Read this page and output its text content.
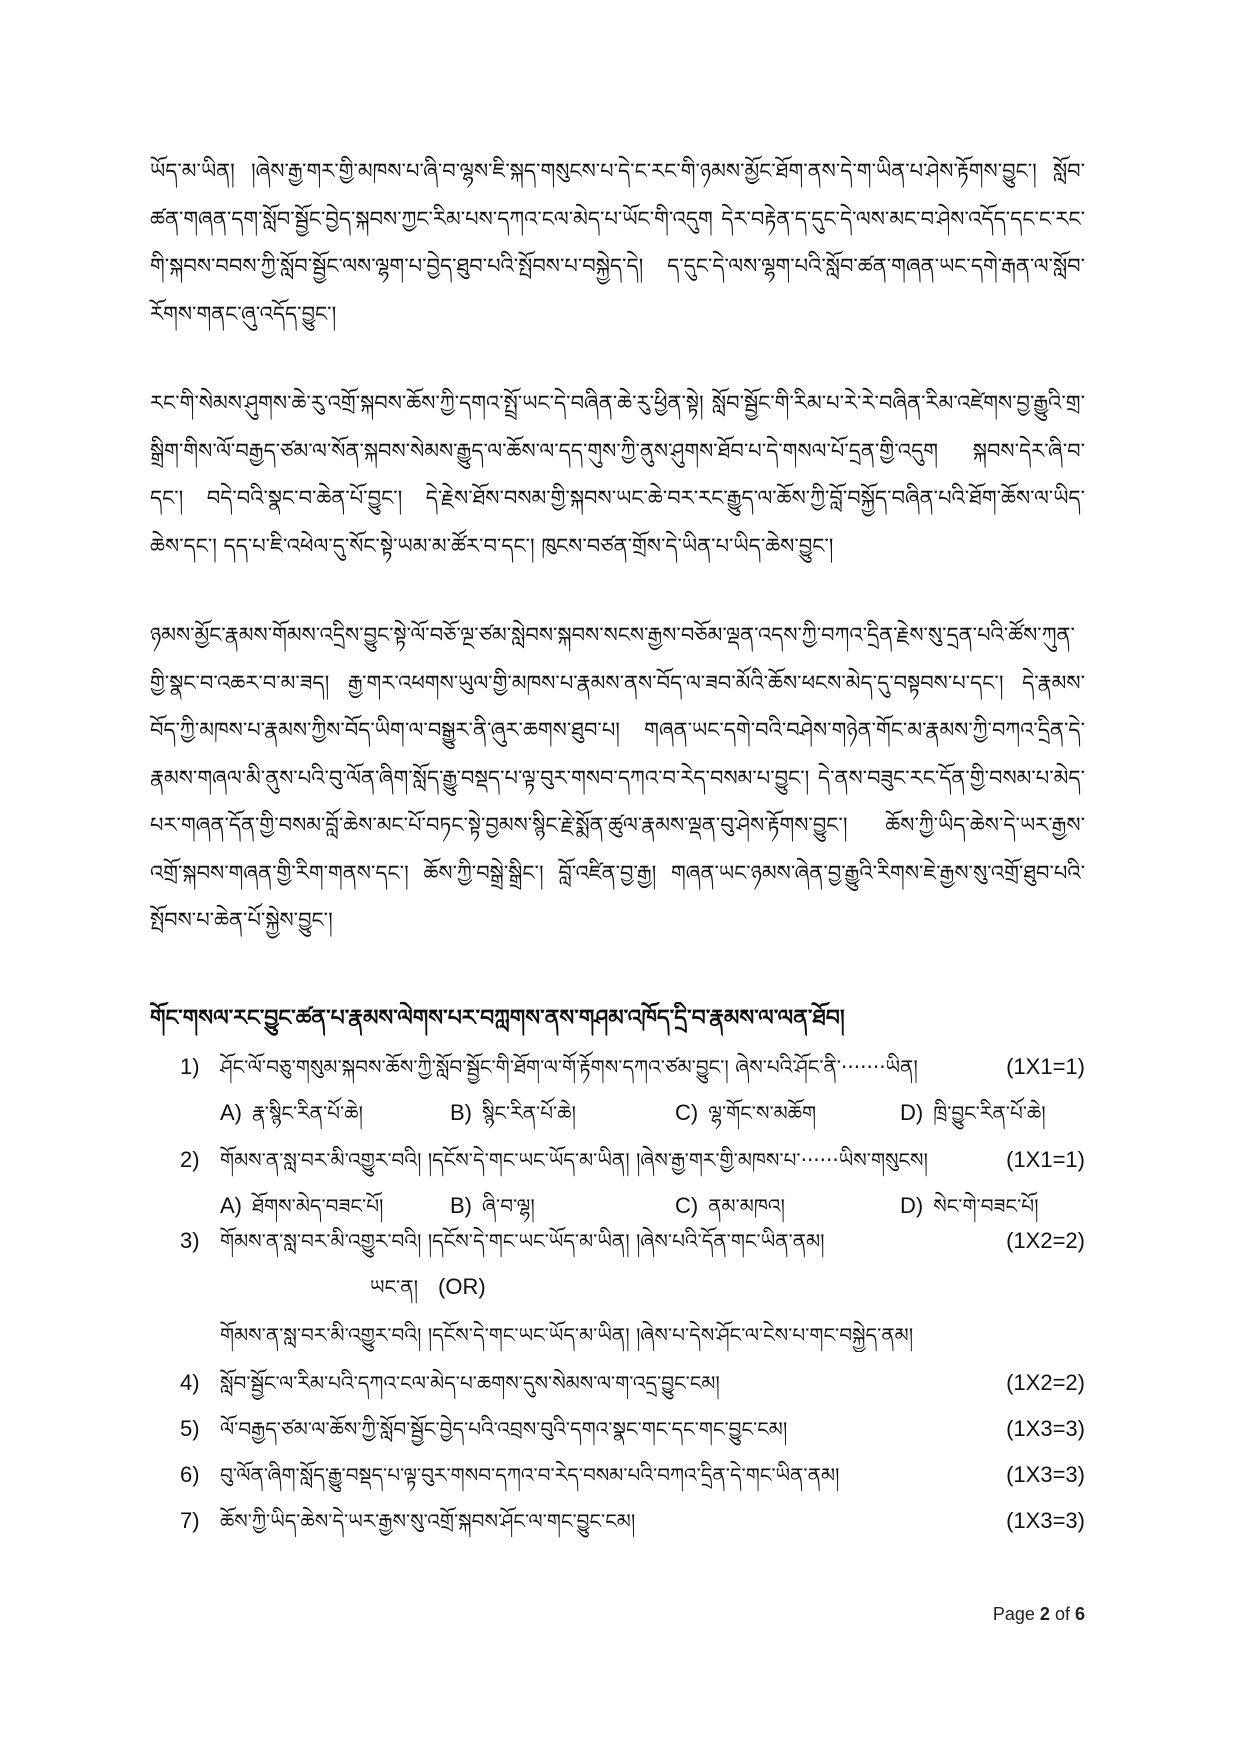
ཡོད་མ་ཡིན། །ཞེས་རྒྱ་གར་གྱི་མཁས་པ་ཞི་བ་ལྷས་ཇི་སྐད་གསུངས་པ་དེ་ང་རང་གི་ཉམས་མྱོང་ཐོག་ནས་དེ་ག་ཡིན་པ་ཤེས་རྟོགས་བྱུང་། སློབ་ཚན་གཞན་དག་སློབ་སྦྱོང་བྱེད་སྐབས་ཀྱང་རིམ་པས་དཀའ་ངལ་མེད་པ་ཡོང་གི་འདུག དེར་བརྟེན་ད་དུང་དེ་ལས་མང་བ་ཤེས་འདོད་དང་ང་རང་གི་སྐབས་བབས་ཀྱི་སློབ་སྦྱོང་ལས་ལྷག་པ་བྱེད་ཐུབ་པའི་སྤོབས་པ་བསྐྱེད་དེ། ད་དུང་དེ་ལས་ལྷག་པའི་སློབ་ཚན་གཞན་ཡང་དགེ་རྒན་ལ་སློབ་རོགས་གནང་ཞུ་འདོད་བྱུང་།
རང་གི་སེམས་ཤུགས་ཆེ་རུ་འགྲོ་སྐབས་ཆོས་ཀྱི་དགའ་སྤྲོ་ཡང་དེ་བཞིན་ཆེ་རུ་ཕྱིན་སྟེ། སློབ་སྦྱོང་གི་རིམ་པ་རེ་རེ་བཞིན་རིམ་འཛེགས་བྱ་རྒྱུའི་གྲ་སྒྲིག་གིས་ལོ་བརྒྱད་ཙམ་ལ་སོན་སྐབས་སེམས་རྒྱུད་ལ་ཆོས་ལ་དད་གུས་ཀྱི་ནུས་ཤུགས་ཐོབ་པ་དེ་གསལ་པོ་དྲན་གྱི་འདུག སྐབས་དེར་ཞི་བ་དང་། བདེ་བའི་སྣང་བ་ཆེན་པོ་བྱུང་། དེ་རྗེས་ཐོས་བསམ་གྱི་སྐབས་ཡང་ཆེ་བར་རང་རྒྱུད་ལ་ཆོས་ཀྱི་བློ་བསྐྱོད་བཞིན་པའི་ཐོག་ཆོས་ལ་ཡིད་ཆེས་དང་། དད་པ་ཇི་འཕེལ་དུ་སོང་སྟེ་ཡམ་མ་ཚོར་བ་དང་། ཁུངས་བཙན་གྲོས་དེ་ཡིན་པ་ཡིད་ཆེས་བྱུང་།
ཉམས་མྱོང་རྣམས་གོམས་འདྲིས་བྱུང་སྟེ་ལོ་བཅོ་ལྔ་ཙམ་སླེབས་སྐབས་སངས་རྒྱས་བཅོམ་ལྡན་འདས་ཀྱི་བཀའ་དྲིན་རྗེས་སུ་དྲན་པའི་ཚོས་ཀུན་གྱི་སྣང་བ་འཆར་བ་མ་ཟད། རྒྱ་གར་འཕགས་ཡུལ་གྱི་མཁས་པ་རྣམས་ནས་བོད་ལ་ཟབ་མོའི་ཆོས་ཕངས་མེད་དུ་བསྟབས་པ་དང་། དེ་རྣམས་བོད་ཀྱི་མཁས་པ་རྣམས་ཀྱིས་བོད་ཡིག་ལ་བསྒྱུར་ནི་ཞུར་ཆགས་ཐུབ་པ། གཞན་ཡང་དགེ་བའི་བཤེས་གཉེན་གོང་མ་རྣམས་ཀྱི་བཀའ་དྲིན་དེ་རྣམས་གཞལ་མི་ནུས་པའི་བུ་ལོན་ཞིག་སློད་རྒྱུ་བསྡད་པ་ལྟ་བུར་གསབ་དཀའ་བ་རེད་བསམ་པ་བྱུང་། དེ་ནས་བཟུང་རང་དོན་གྱི་བསམ་པ་མེད་པར་གཞན་དོན་གྱི་བསམ་བློ་ཆེས་མང་པོ་བཏང་སྟེ་བྱམས་སྙིང་རྗེ་སྨོན་ཚུལ་རྣམས་ལྡན་བུ་ཤེས་རྟོགས་བྱུང་། ཆོས་ཀྱི་ཡིད་ཆེས་དེ་ཡར་རྒྱས་འགྲོ་སྐབས་གཞན་གྱི་རིག་གནས་དང་། ཆོས་ཀྱི་བསྒྲེ་སྒྲིང་། བློ་འཛིན་བྱ་རྒྱ། གཞན་ཡང་ཉམས་ཞེན་བྱ་རྒྱུའི་རིགས་ཇེ་རྒྱས་སུ་འགྲོ་ཐུབ་པའི་སྤོབས་པ་ཆེན་པོ་སྐྱེས་བྱུང་།
གོང་གསལ་རང་བྱུང་ཚན་པ་རྣམས་ལེགས་པར་བཀླགས་ནས་གཤམ་འཁོད་དྲི་བ་རྣམས་ལ་ལན་ཐོབ།
1) ཤོང་ལོ་བཅུ་གསུམ་སྐབས་ཆོས་ཀྱི་སློབ་སྦྱོང་གི་ཐོག་ལ་གོ་རྟོགས་དཀའ་ཙམ་བྱུང་། ཞེས་པའི་ཤོང་ནི་·······ཡིན།	(1X1=1)
A) རྣ་སྙིང་རིན་པོ་ཆེ།	B) སྙིང་རིན་པོ་ཆེ།	C) ལྷ་གོང་ས་མཆོག	D) ཁྲི་བྱུང་རིན་པོ་ཆེ།
2) གོམས་ན་སླ་བར་མི་འགྱུར་བའི། །དངོས་དེ་གང་ཡང་ཡོད་མ་ཡིན། །ཞེས་རྒྱ་གར་གྱི་མཁས་པ་······ཡིས་གསུངས།	(1X1=1)
A) ཐོགས་མེད་བཟང་པོ།	B) ཞི་བ་ལྷ།	C) ནམ་མཁའ།	D) སེང་གེ་བཟང་པོ།
3) གོམས་ན་སླ་བར་མི་འགྱུར་བའི། །དངོས་དེ་གང་ཡང་ཡོད་མ་ཡིན། །ཞེས་པའི་དོན་གང་ཡིན་ནམ།	(1X2=2)
ཡང་ན། (OR)
གོམས་ན་སླ་བར་མི་འགྱུར་བའི། །དངོས་དེ་གང་ཡང་ཡོད་མ་ཡིན། །ཞེས་པ་དེས་ཤོང་ལ་ངེས་པ་གང་བསྐྱེད་ནམ།
4) སློབ་སྦྱོང་ལ་རིམ་པའི་དཀའ་ངལ་མེད་པ་ཆགས་དུས་སེམས་ལ་ག་འདྲ་བྱུང་ངམ།	(1X2=2)
5) ལོ་བརྒྱད་ཙམ་ལ་ཆོས་ཀྱི་སློབ་སྦྱོང་བྱེད་པའི་འབྲས་བུའི་དགའ་སྣང་གང་དང་གང་བྱུང་ངམ།	(1X3=3)
6) བུ་ལོན་ཞིག་སློད་རྒྱུ་བསྡད་པ་ལྟ་བུར་གསབ་དཀའ་བ་རེད་བསམ་པའི་བཀའ་དྲིན་དེ་གང་ཡིན་ནམ།	(1X3=3)
7) ཆོས་ཀྱི་ཡིད་ཆེས་དེ་ཡར་རྒྱས་སུ་འགྲོ་སྐབས་ཤོང་ལ་གང་བྱུང་ངམ།	(1X3=3)
Page 2 of 6
